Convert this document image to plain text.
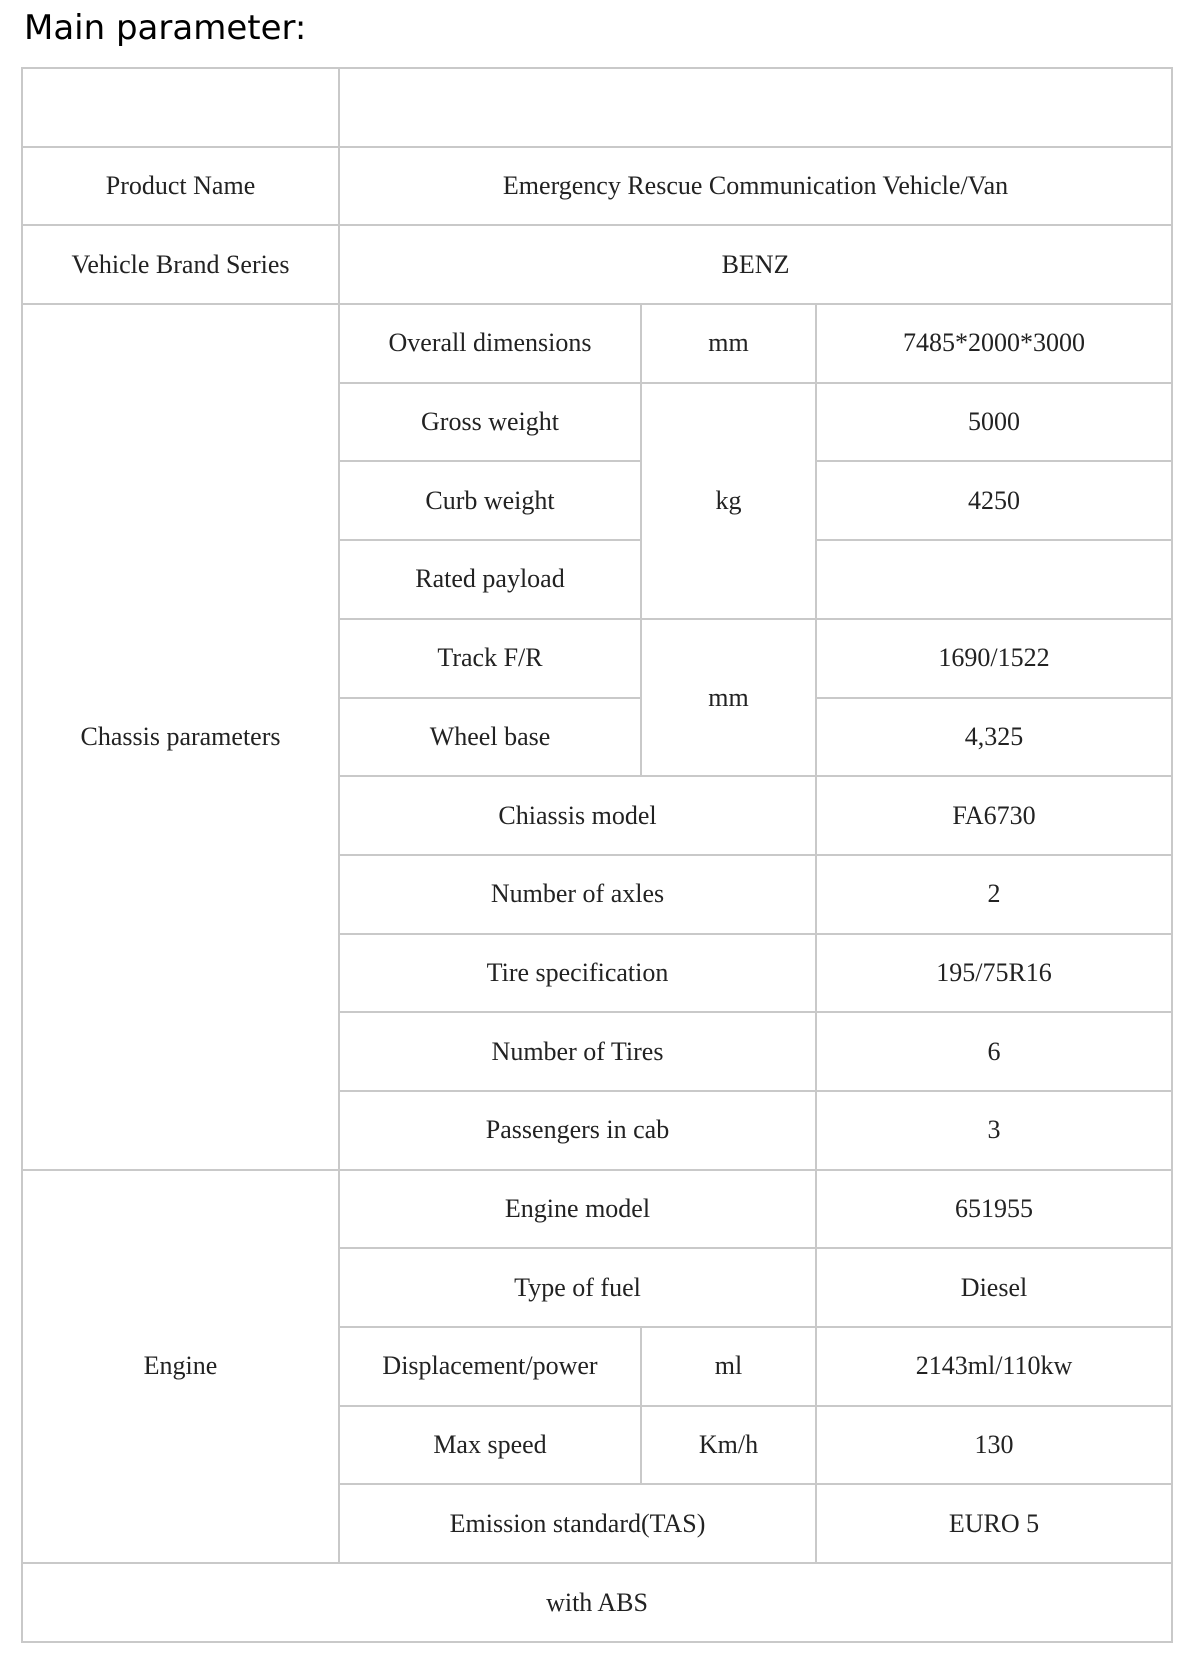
Main parameter:

Product Name	Emergency Rescue Communication Vehicle/Van		
Vehicle Brand Series	BENZ		
Chassis parameters	Overall dimensions	mm	7485*2000*3000
	Gross weight	kg	5000
	Curb weight		4250
	Rated payload		
	Track F/R	mm	1690/1522
	Wheel base		4,325
	Chiassis model		FA6730
	Number of axles		2
	Tire specification		195/75R16
	Number of Tires		6
	Passengers in cab		3
Engine	Engine model		651955
	Type of fuel		Diesel
	Displacement/power	ml	2143ml/110kw
	Max speed	Km/h	130
	Emission standard(TAS)		EURO 5
with ABS			
